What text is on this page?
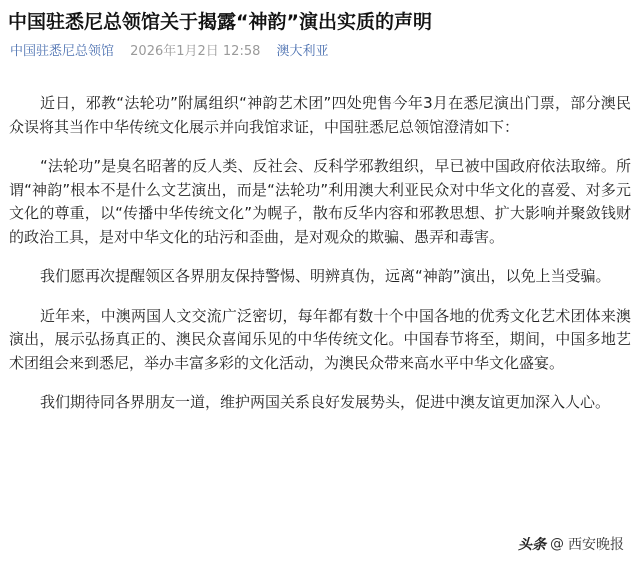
中国驻悉尼总领馆关于揭露“神韵”演出实质的声明
中国驻悉尼总领馆 2026年1月2日 12:58 澳大利亚

近日，邪教“法轮功”附属组织“神韵艺术团”四处兜售今年3月在悉尼演出门票，部分澳民众误将其当作中华传统文化展示并向我馆求证，中国驻悉尼总领馆澄清如下：

“法轮功”是臭名昭著的反人类、反社会、反科学邪教组织，早已被中国政府依法取缔。所谓“神韵”根本不是什么文艺演出，而是“法轮功”利用澳大利亚民众对中华文化的喜爱、对多元文化的尊重，以“传播中华传统文化”为幌子，散布反华内容和邪教思想、扩大影响并聚敛钱财的政治工具，是对中华文化的玷污和歪曲，是对观众的欺骗、愚弄和毒害。

我们愿再次提醒领区各界朋友保持警惕、明辨真伪，远离“神韵”演出，以免上当受骗。

近年来，中澳两国人文交流广泛密切，每年都有数十个中国各地的优秀文化艺术团体来澳演出，展示弘扬真正的、澳民众喜闻乐见的中华传统文化。中国春节将至，期间，中国多地艺术团组会来到悉尼，举办丰富多彩的文化活动，为澳民众带来高水平中华文化盛宴。

我们期待同各界朋友一道，维护两国关系良好发展势头，促进中澳友谊更加深入人心。

头条 @ 西安晚报
